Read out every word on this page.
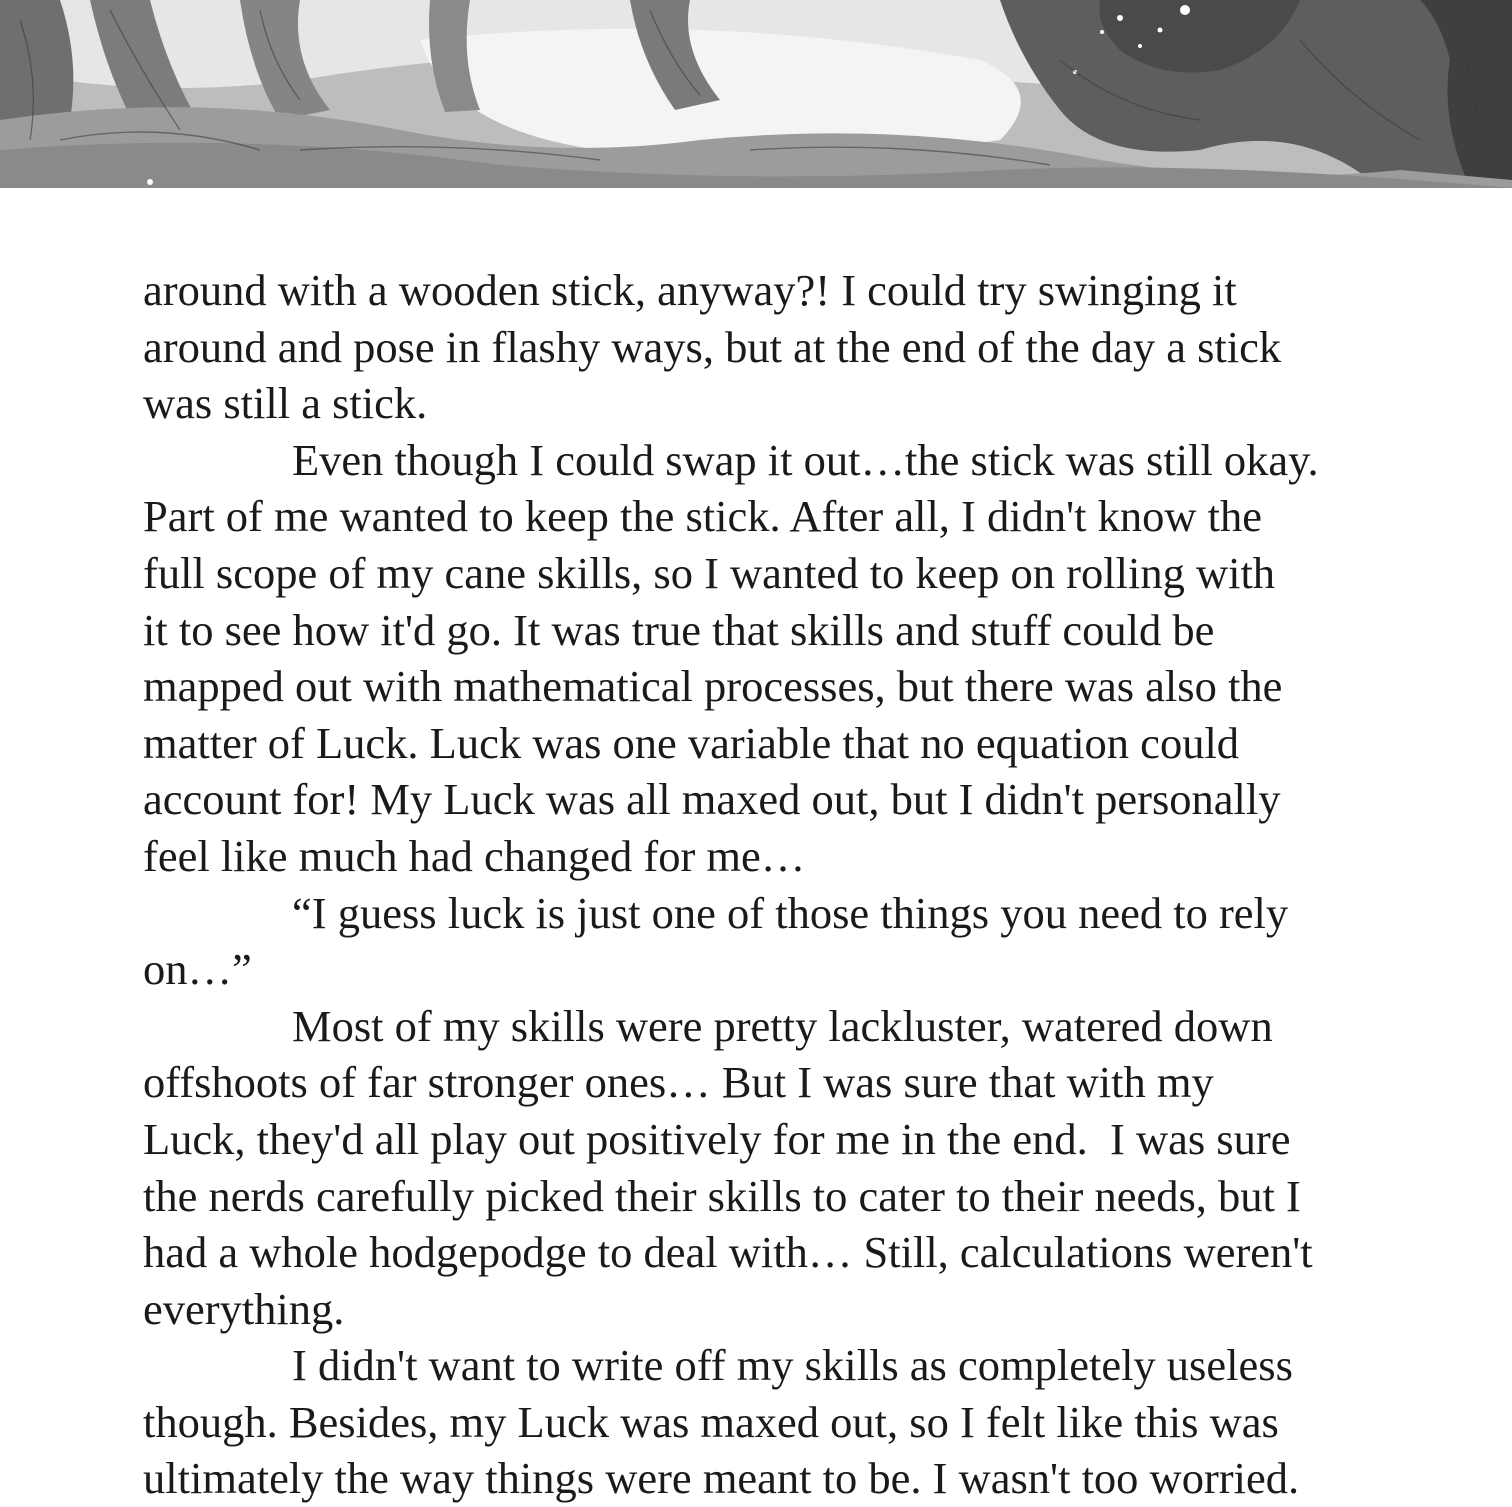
around with a wooden stick, anyway?! I could try swinging it

around and pose in flashy ways, but at the end of the day a stick

was still a stick.

Even though I could swap it out…the stick was still okay.

Part of me wanted to keep the stick. After all, I didn't know the

full scope of my cane skills, so I wanted to keep on rolling with

it to see how it'd go. It was true that skills and stuff could be

mapped out with mathematical processes, but there was also the

matter of Luck. Luck was one variable that no equation could

account for! My Luck was all maxed out, but I didn't personally

feel like much had changed for me…

“I guess luck is just one of those things you need to rely

on…”

Most of my skills were pretty lackluster, watered down

offshoots of far stronger ones… But I was sure that with my

Luck, they'd all play out positively for me in the end.  I was sure

the nerds carefully picked their skills to cater to their needs, but I

had a whole hodgepodge to deal with… Still, calculations weren't

everything.

I didn't want to write off my skills as completely useless

though. Besides, my Luck was maxed out, so I felt like this was

ultimately the way things were meant to be. I wasn't too worried.
